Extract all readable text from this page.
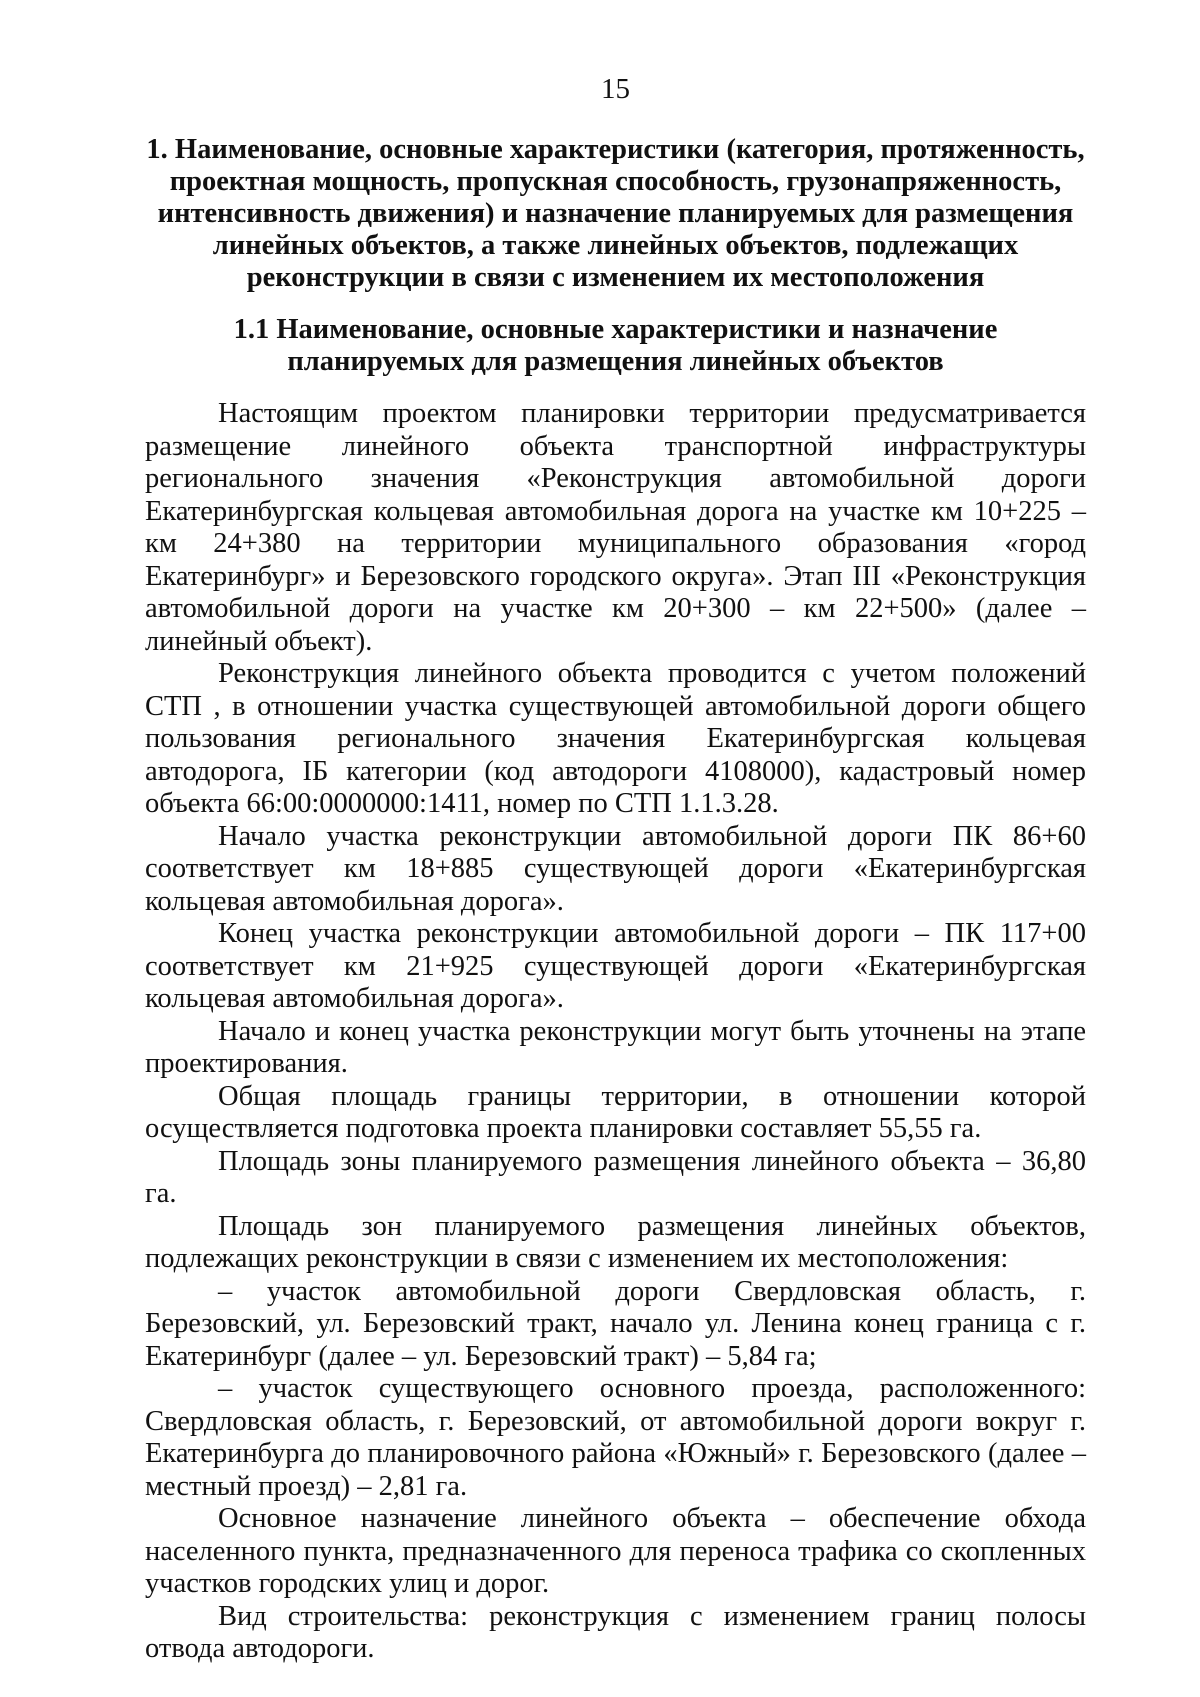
15
1. Наименование, основные характеристики (категория, протяженность, проектная мощность, пропускная способность, грузонапряженность, интенсивность движения) и назначение планируемых для размещения линейных объектов, а также линейных объектов, подлежащих реконструкции в связи с изменением их местоположения
1.1 Наименование, основные характеристики и назначение планируемых для размещения линейных объектов

Настоящим проектом планировки территории предусматривается размещение линейного объекта транспортной инфраструктуры регионального значения «Реконструкция автомобильной дороги Екатеринбургская кольцевая автомобильная дорога на участке км 10+225 – км 24+380 на территории муниципального образования «город Екатеринбург» и Березовского городского округа». Этап III «Реконструкция автомобильной дороги на участке км 20+300 – км 22+500» (далее – линейный объект).

Реконструкция линейного объекта проводится с учетом положений СТП , в отношении участка существующей автомобильной дороги общего пользования регионального значения Екатеринбургская кольцевая автодорога, IБ категории (код автодороги 4108000), кадастровый номер объекта 66:00:0000000:1411, номер по СТП 1.1.3.28.

Начало участка реконструкции автомобильной дороги ПК 86+60 соответствует км 18+885 существующей дороги «Екатеринбургская кольцевая автомобильная дорога».

Конец участка реконструкции автомобильной дороги – ПК 117+00 соответствует км 21+925 существующей дороги «Екатеринбургская кольцевая автомобильная дорога».

Начало и конец участка реконструкции могут быть уточнены на этапе проектирования.

Общая площадь границы территории, в отношении которой осуществляется подготовка проекта планировки составляет 55,55 га.

Площадь зоны планируемого размещения линейного объекта – 36,80 га.

Площадь зон планируемого размещения линейных объектов, подлежащих реконструкции в связи с изменением их местоположения:

– участок автомобильной дороги Свердловская область, г. Березовский, ул. Березовский тракт, начало ул. Ленина конец граница с г. Екатеринбург (далее – ул. Березовский тракт) – 5,84 га;

– участок существующего основного проезда, расположенного: Свердловская область, г. Березовский, от автомобильной дороги вокруг г. Екатеринбурга до планировочного района «Южный» г. Березовского (далее – местный проезд) – 2,81 га.

Основное назначение линейного объекта – обеспечение обхода населенного пункта, предназначенного для переноса трафика со скопленных участков городских улиц и дорог.

Вид строительства: реконструкция с изменением границ полосы отвода автодороги.
